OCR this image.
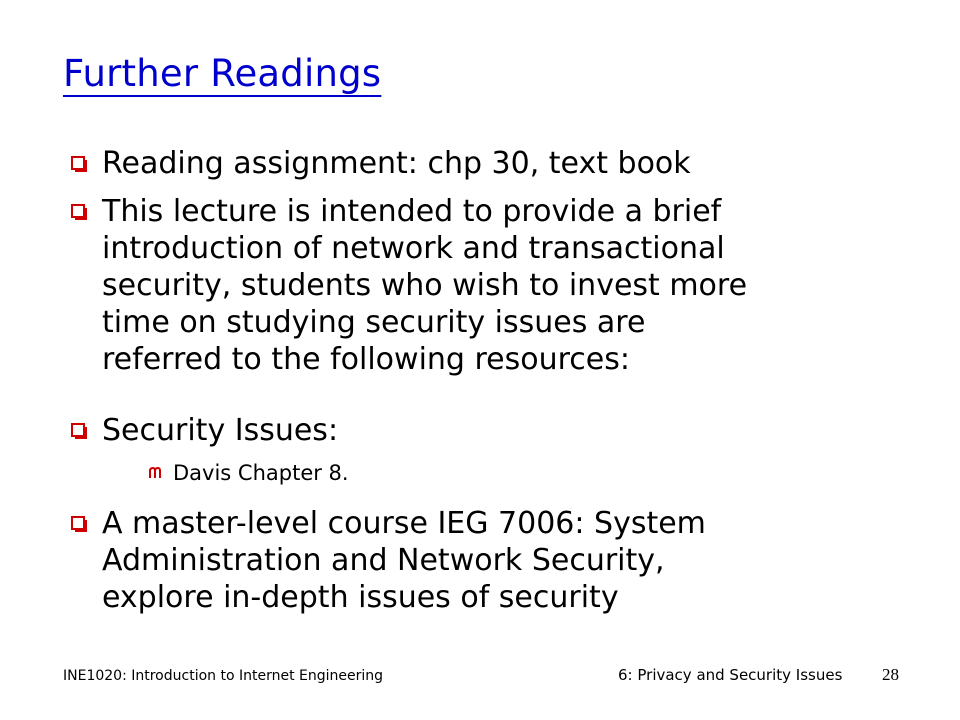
Further Readings
Reading assignment: chp 30, text book
This lecture is intended to provide a brief
introduction of network and transactional
security, students who wish to invest more
time on studying security issues are
referred to the following resources:
Security Issues:
Davis Chapter 8.
A master-level course IEG 7006: System
Administration and Network Security,
explore in-depth issues of security
INE1020: Introduction to Internet Engineering	6: Privacy and Security Issues 28
